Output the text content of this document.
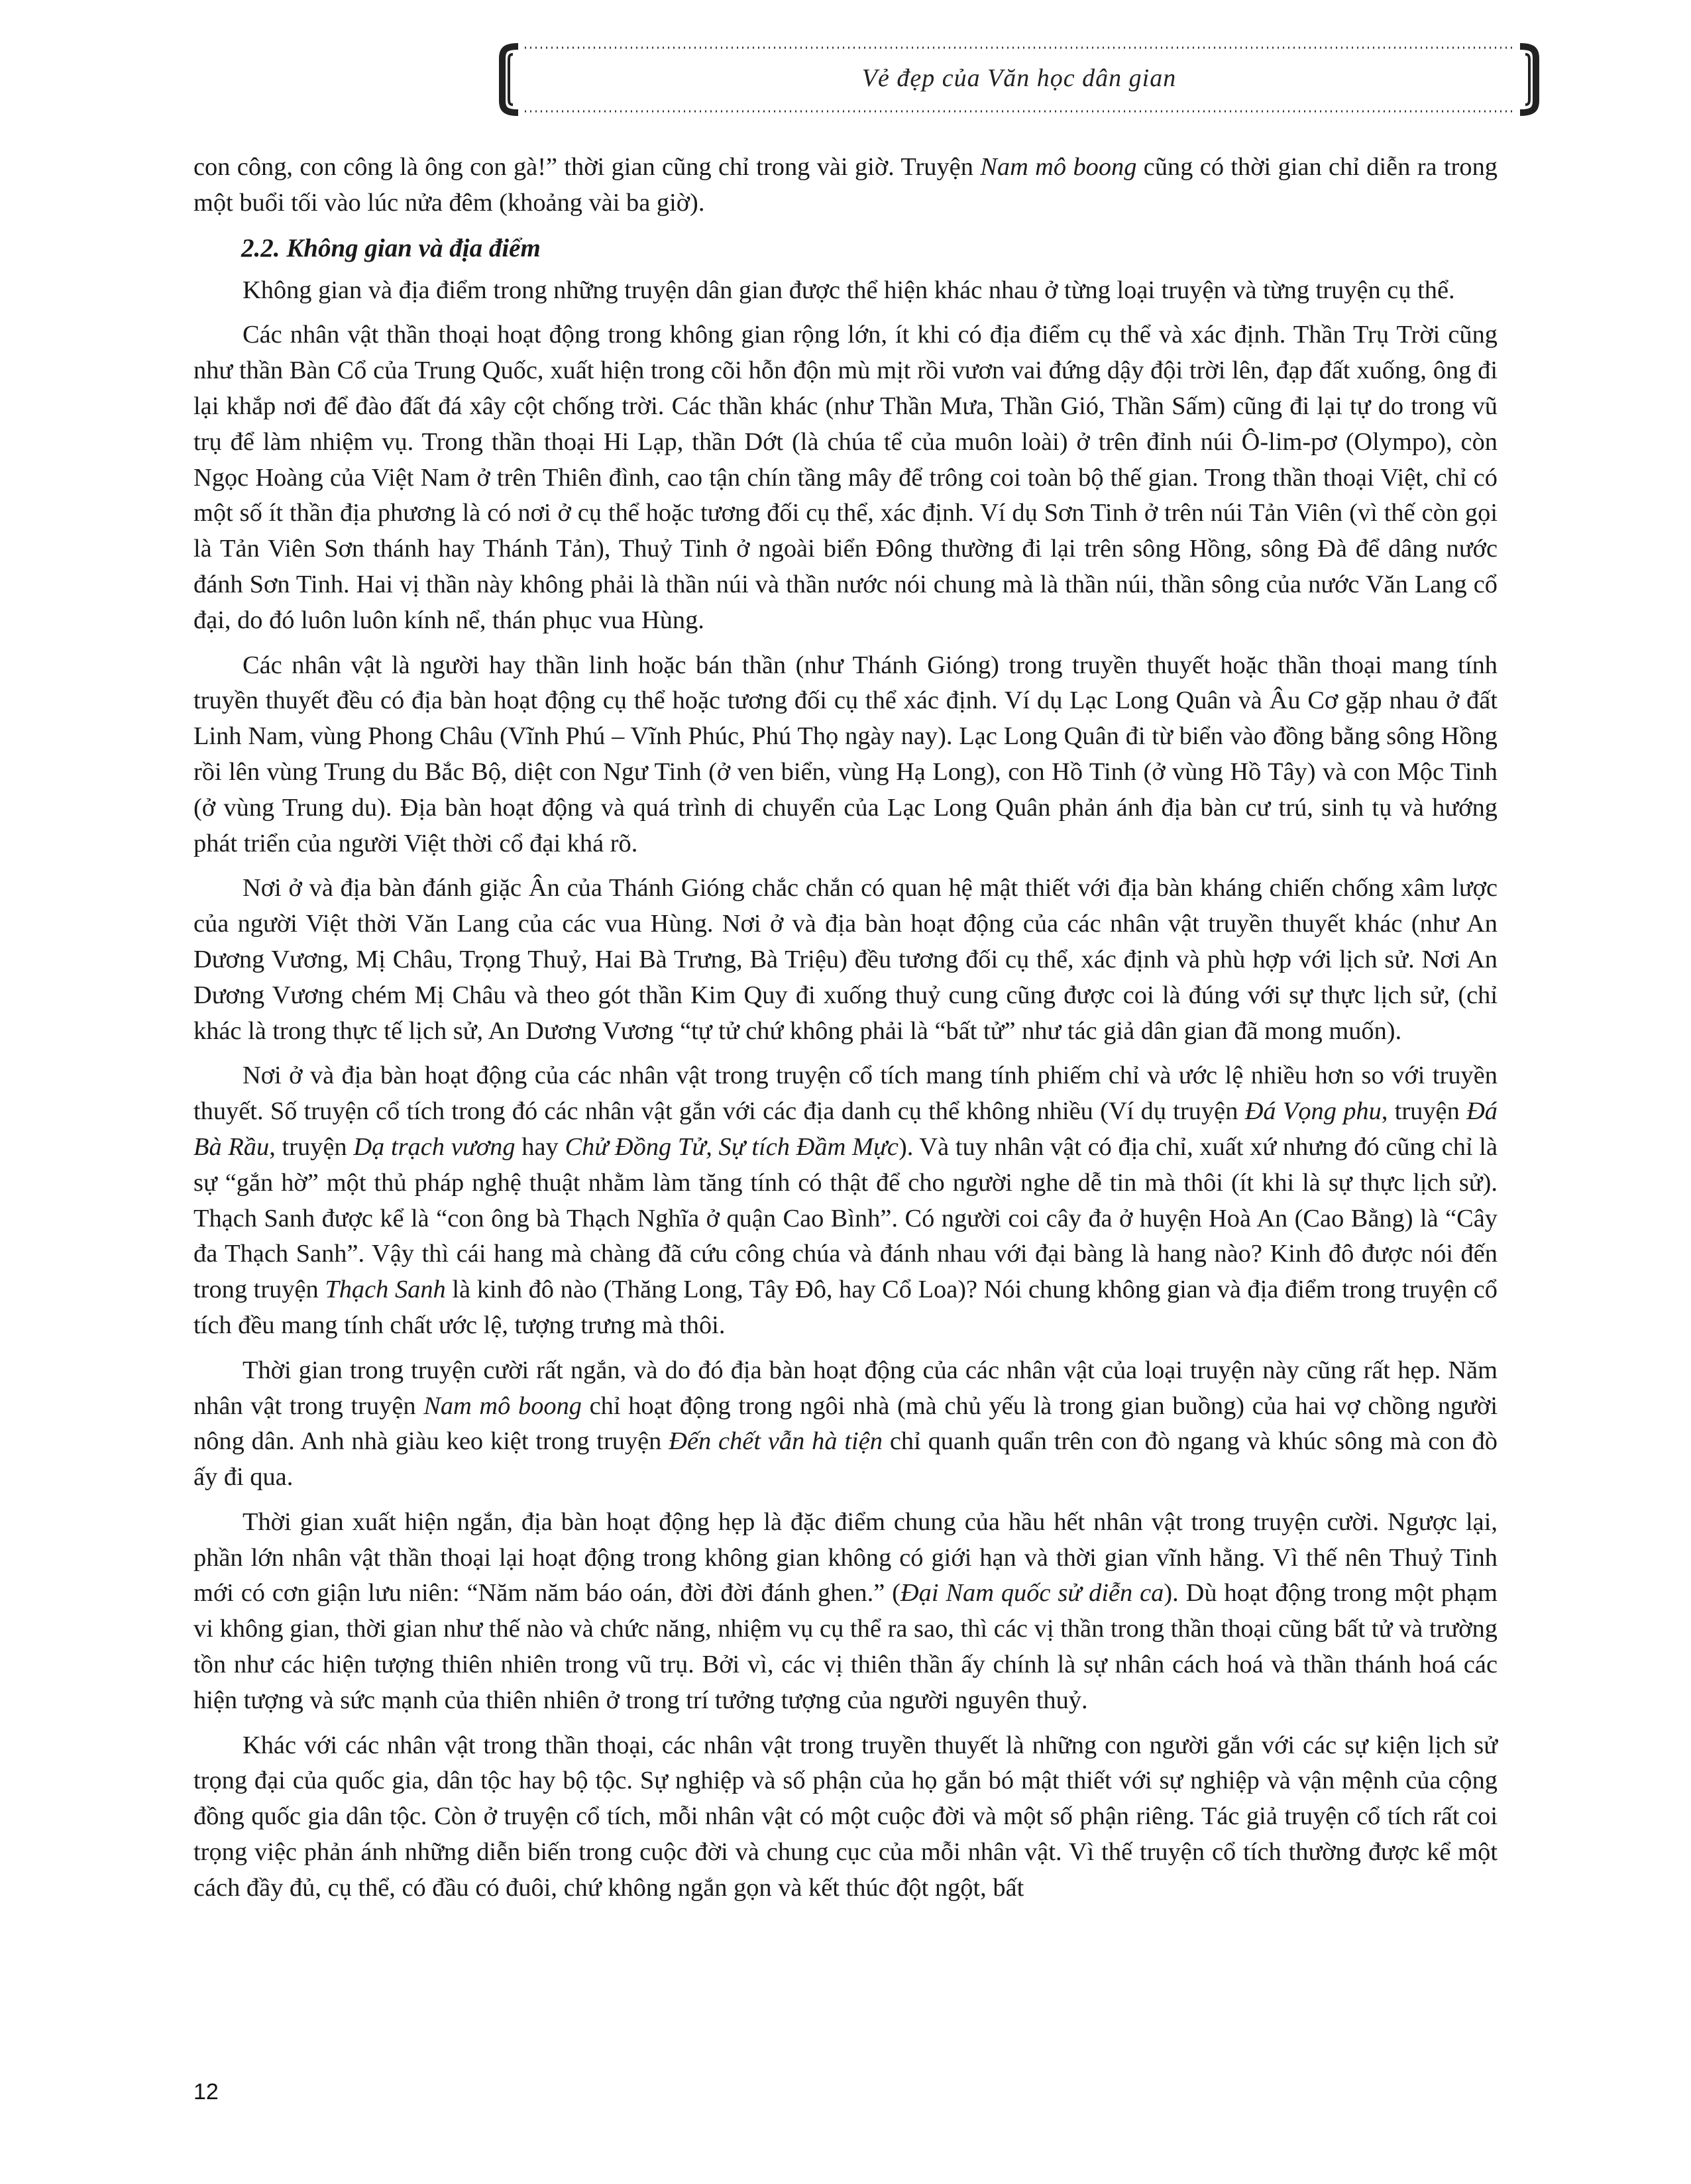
Vẻ đẹp của Văn học dân gian

con công, con công là ông con gà!” thời gian cũng chỉ trong vài giờ. Truyện Nam mô boong cũng có thời gian chỉ diễn ra trong một buổi tối vào lúc nửa đêm (khoảng vài ba giờ).

2.2. Không gian và địa điểm

Không gian và địa điểm trong những truyện dân gian được thể hiện khác nhau ở từng loại truyện và từng truyện cụ thể.

Các nhân vật thần thoại hoạt động trong không gian rộng lớn, ít khi có địa điểm cụ thể và xác định. Thần Trụ Trời cũng như thần Bàn Cổ của Trung Quốc, xuất hiện trong cõi hỗn độn mù mịt rồi vươn vai đứng dậy đội trời lên, đạp đất xuống, ông đi lại khắp nơi để đào đất đá xây cột chống trời. Các thần khác (như Thần Mưa, Thần Gió, Thần Sấm) cũng đi lại tự do trong vũ trụ để làm nhiệm vụ. Trong thần thoại Hi Lạp, thần Dớt (là chúa tể của muôn loài) ở trên đỉnh núi Ô-lim-pơ (Olympo), còn Ngọc Hoàng của Việt Nam ở trên Thiên đình, cao tận chín tầng mây để trông coi toàn bộ thế gian. Trong thần thoại Việt, chỉ có một số ít thần địa phương là có nơi ở cụ thể hoặc tương đối cụ thể, xác định. Ví dụ Sơn Tinh ở trên núi Tản Viên (vì thế còn gọi là Tản Viên Sơn thánh hay Thánh Tản), Thuỷ Tinh ở ngoài biển Đông thường đi lại trên sông Hồng, sông Đà để dâng nước đánh Sơn Tinh. Hai vị thần này không phải là thần núi và thần nước nói chung mà là thần núi, thần sông của nước Văn Lang cổ đại, do đó luôn luôn kính nể, thán phục vua Hùng.

Các nhân vật là người hay thần linh hoặc bán thần (như Thánh Gióng) trong truyền thuyết hoặc thần thoại mang tính truyền thuyết đều có địa bàn hoạt động cụ thể hoặc tương đối cụ thể xác định. Ví dụ Lạc Long Quân và Âu Cơ gặp nhau ở đất Linh Nam, vùng Phong Châu (Vĩnh Phú – Vĩnh Phúc, Phú Thọ ngày nay). Lạc Long Quân đi từ biển vào đồng bằng sông Hồng rồi lên vùng Trung du Bắc Bộ, diệt con Ngư Tinh (ở ven biển, vùng Hạ Long), con Hồ Tinh (ở vùng Hồ Tây) và con Mộc Tinh (ở vùng Trung du). Địa bàn hoạt động và quá trình di chuyển của Lạc Long Quân phản ánh địa bàn cư trú, sinh tụ và hướng phát triển của người Việt thời cổ đại khá rõ.

Nơi ở và địa bàn đánh giặc Ân của Thánh Gióng chắc chắn có quan hệ mật thiết với địa bàn kháng chiến chống xâm lược của người Việt thời Văn Lang của các vua Hùng. Nơi ở và địa bàn hoạt động của các nhân vật truyền thuyết khác (như An Dương Vương, Mị Châu, Trọng Thuỷ, Hai Bà Trưng, Bà Triệu) đều tương đối cụ thể, xác định và phù hợp với lịch sử. Nơi An Dương Vương chém Mị Châu và theo gót thần Kim Quy đi xuống thuỷ cung cũng được coi là đúng với sự thực lịch sử, (chỉ khác là trong thực tế lịch sử, An Dương Vương “tự tử chứ không phải là “bất tử” như tác giả dân gian đã mong muốn).

Nơi ở và địa bàn hoạt động của các nhân vật trong truyện cổ tích mang tính phiếm chỉ và ước lệ nhiều hơn so với truyền thuyết. Số truyện cổ tích trong đó các nhân vật gắn với các địa danh cụ thể không nhiều (Ví dụ truyện Đá Vọng phu, truyện Đá Bà Rầu, truyện Dạ trạch vương hay Chử Đồng Tử, Sự tích Đầm Mực). Và tuy nhân vật có địa chỉ, xuất xứ nhưng đó cũng chỉ là sự “gắn hờ” một thủ pháp nghệ thuật nhằm làm tăng tính có thật để cho người nghe dễ tin mà thôi (ít khi là sự thực lịch sử). Thạch Sanh được kể là “con ông bà Thạch Nghĩa ở quận Cao Bình”. Có người coi cây đa ở huyện Hoà An (Cao Bằng) là “Cây đa Thạch Sanh”. Vậy thì cái hang mà chàng đã cứu công chúa và đánh nhau với đại bàng là hang nào? Kinh đô được nói đến trong truyện Thạch Sanh là kinh đô nào (Thăng Long, Tây Đô, hay Cổ Loa)? Nói chung không gian và địa điểm trong truyện cổ tích đều mang tính chất ước lệ, tượng trưng mà thôi.

Thời gian trong truyện cười rất ngắn, và do đó địa bàn hoạt động của các nhân vật của loại truyện này cũng rất hẹp. Năm nhân vật trong truyện Nam mô boong chỉ hoạt động trong ngôi nhà (mà chủ yếu là trong gian buồng) của hai vợ chồng người nông dân. Anh nhà giàu keo kiệt trong truyện Đến chết vẫn hà tiện chỉ quanh quẩn trên con đò ngang và khúc sông mà con đò ấy đi qua.

Thời gian xuất hiện ngắn, địa bàn hoạt động hẹp là đặc điểm chung của hầu hết nhân vật trong truyện cười. Ngược lại, phần lớn nhân vật thần thoại lại hoạt động trong không gian không có giới hạn và thời gian vĩnh hằng. Vì thế nên Thuỷ Tinh mới có cơn giận lưu niên: “Năm năm báo oán, đời đời đánh ghen.” (Đại Nam quốc sử diễn ca). Dù hoạt động trong một phạm vi không gian, thời gian như thế nào và chức năng, nhiệm vụ cụ thể ra sao, thì các vị thần trong thần thoại cũng bất tử và trường tồn như các hiện tượng thiên nhiên trong vũ trụ. Bởi vì, các vị thiên thần ấy chính là sự nhân cách hoá và thần thánh hoá các hiện tượng và sức mạnh của thiên nhiên ở trong trí tưởng tượng của người nguyên thuỷ.

Khác với các nhân vật trong thần thoại, các nhân vật trong truyền thuyết là những con người gắn với các sự kiện lịch sử trọng đại của quốc gia, dân tộc hay bộ tộc. Sự nghiệp và số phận của họ gắn bó mật thiết với sự nghiệp và vận mệnh của cộng đồng quốc gia dân tộc. Còn ở truyện cổ tích, mỗi nhân vật có một cuộc đời và một số phận riêng. Tác giả truyện cổ tích rất coi trọng việc phản ánh những diễn biến trong cuộc đời và chung cục của mỗi nhân vật. Vì thế truyện cổ tích thường được kể một cách đầy đủ, cụ thể, có đầu có đuôi, chứ không ngắn gọn và kết thúc đột ngột, bất

12
